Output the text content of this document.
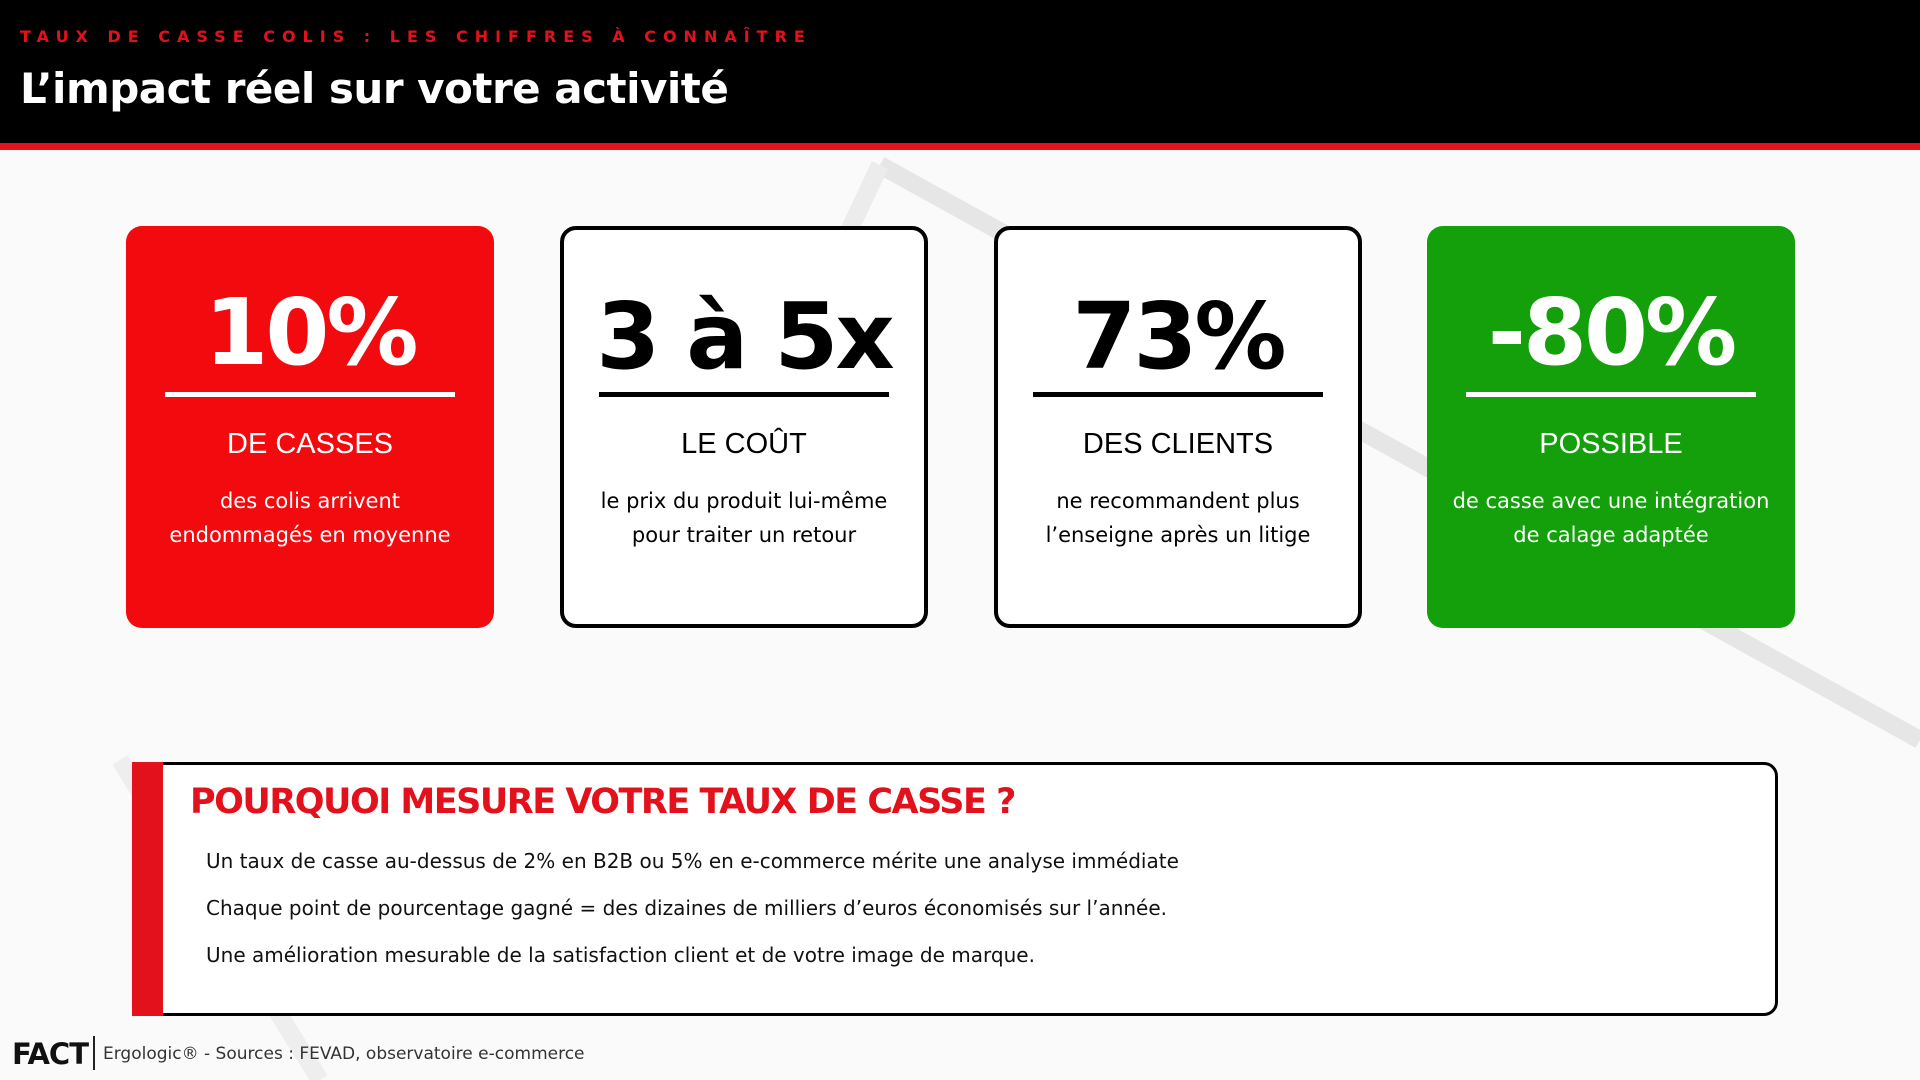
TAUX DE CASSE COLIS : LES CHIFFRES À CONNAÎTRE
L’impact réel sur votre activité
10%
DE CASSES
des colis arrivent
endommagés en moyenne
3 à 5x
LE COÛT
le prix du produit lui-même
pour traiter un retour
73%
DES CLIENTS
ne recommandent plus
l’enseigne après un litige
-80%
POSSIBLE
de casse avec une intégration
de calage adaptée
POURQUOI MESURE VOTRE TAUX DE CASSE ?
Un taux de casse au-dessus de 2% en B2B ou 5% en e-commerce mérite une analyse immédiate
Chaque point de pourcentage gagné = des dizaines de milliers d’euros économisés sur l’année.
Une amélioration mesurable de la satisfaction client et de votre image de marque.
FACT Ergologic® - Sources : FEVAD, observatoire e-commerce
